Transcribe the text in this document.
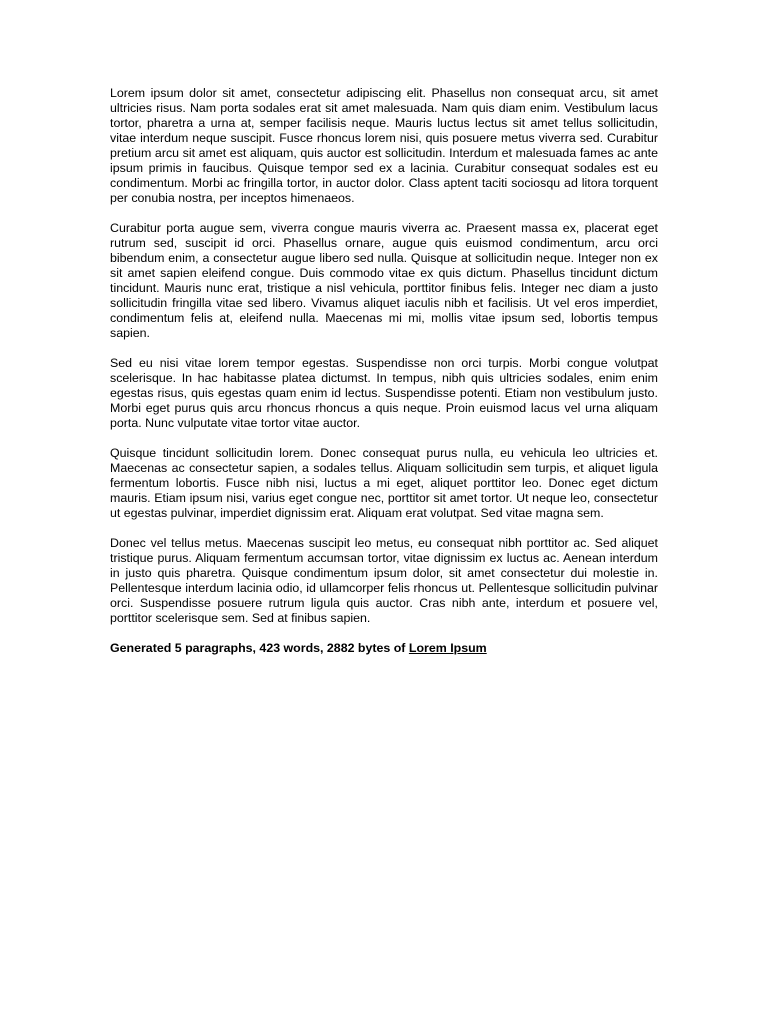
Lorem ipsum dolor sit amet, consectetur adipiscing elit. Phasellus non consequat arcu, sit amet ultricies risus. Nam porta sodales erat sit amet malesuada. Nam quis diam enim. Vestibulum lacus tortor, pharetra a urna at, semper facilisis neque. Mauris luctus lectus sit amet tellus sollicitudin, vitae interdum neque suscipit. Fusce rhoncus lorem nisi, quis posuere metus viverra sed. Curabitur pretium arcu sit amet est aliquam, quis auctor est sollicitudin. Interdum et malesuada fames ac ante ipsum primis in faucibus. Quisque tempor sed ex a lacinia. Curabitur consequat sodales est eu condimentum. Morbi ac fringilla tortor, in auctor dolor. Class aptent taciti sociosqu ad litora torquent per conubia nostra, per inceptos himenaeos.

Curabitur porta augue sem, viverra congue mauris viverra ac. Praesent massa ex, placerat eget rutrum sed, suscipit id orci. Phasellus ornare, augue quis euismod condimentum, arcu orci bibendum enim, a consectetur augue libero sed nulla. Quisque at sollicitudin neque. Integer non ex sit amet sapien eleifend congue. Duis commodo vitae ex quis dictum. Phasellus tincidunt dictum tincidunt. Mauris nunc erat, tristique a nisl vehicula, porttitor finibus felis. Integer nec diam a justo sollicitudin fringilla vitae sed libero. Vivamus aliquet iaculis nibh et facilisis. Ut vel eros imperdiet, condimentum felis at, eleifend nulla. Maecenas mi mi, mollis vitae ipsum sed, lobortis tempus sapien.

Sed eu nisi vitae lorem tempor egestas. Suspendisse non orci turpis. Morbi congue volutpat scelerisque. In hac habitasse platea dictumst. In tempus, nibh quis ultricies sodales, enim enim egestas risus, quis egestas quam enim id lectus. Suspendisse potenti. Etiam non vestibulum justo. Morbi eget purus quis arcu rhoncus rhoncus a quis neque. Proin euismod lacus vel urna aliquam porta. Nunc vulputate vitae tortor vitae auctor.

Quisque tincidunt sollicitudin lorem. Donec consequat purus nulla, eu vehicula leo ultricies et. Maecenas ac consectetur sapien, a sodales tellus. Aliquam sollicitudin sem turpis, et aliquet ligula fermentum lobortis. Fusce nibh nisi, luctus a mi eget, aliquet porttitor leo. Donec eget dictum mauris. Etiam ipsum nisi, varius eget congue nec, porttitor sit amet tortor. Ut neque leo, consectetur ut egestas pulvinar, imperdiet dignissim erat. Aliquam erat volutpat. Sed vitae magna sem.

Donec vel tellus metus. Maecenas suscipit leo metus, eu consequat nibh porttitor ac. Sed aliquet tristique purus. Aliquam fermentum accumsan tortor, vitae dignissim ex luctus ac. Aenean interdum in justo quis pharetra. Quisque condimentum ipsum dolor, sit amet consectetur dui molestie in. Pellentesque interdum lacinia odio, id ullamcorper felis rhoncus ut. Pellentesque sollicitudin pulvinar orci. Suspendisse posuere rutrum ligula quis auctor. Cras nibh ante, interdum et posuere vel, porttitor scelerisque sem. Sed at finibus sapien.

Generated 5 paragraphs, 423 words, 2882 bytes of Lorem Ipsum
